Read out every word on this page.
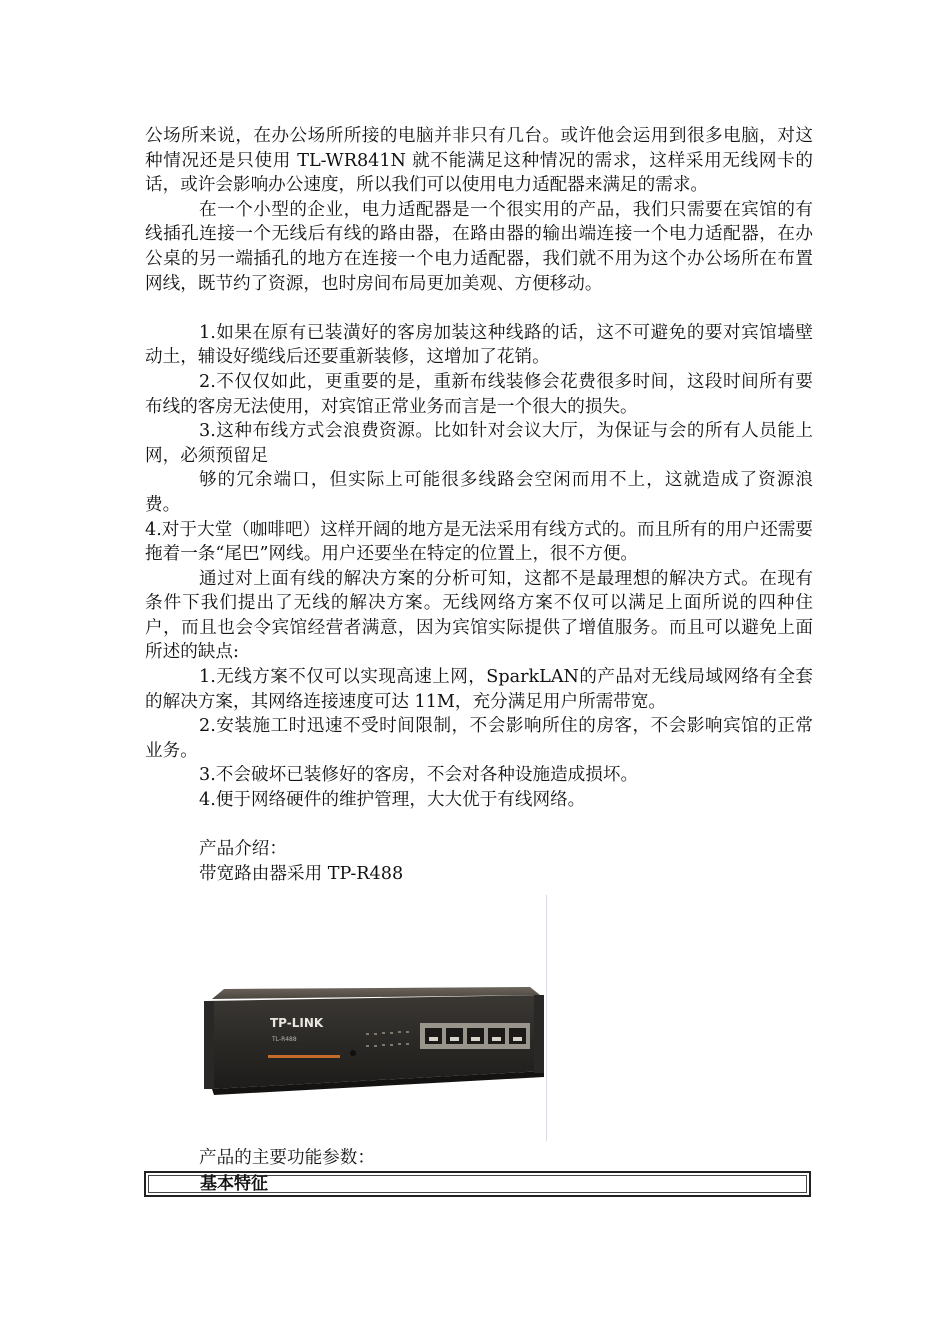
公场所来说，在办公场所所接的电脑并非只有几台。或许他会运用到很多电脑，对这种情况还是只使用 TL-WR841N 就不能满足这种情况的需求，这样采用无线网卡的话，或许会影响办公速度，所以我们可以使用电力适配器来满足的需求。

在一个小型的企业，电力适配器是一个很实用的产品，我们只需要在宾馆的有线插孔连接一个无线后有线的路由器，在路由器的输出端连接一个电力适配器，在办公桌的另一端插孔的地方在连接一个电力适配器，我们就不用为这个办公场所在布置网线，既节约了资源，也时房间布局更加美观、方便移动。

1.如果在原有已装潢好的客房加装这种线路的话，这不可避免的要对宾馆墙壁动土，辅设好缆线后还要重新装修，这增加了花销。

2.不仅仅如此，更重要的是，重新布线装修会花费很多时间，这段时间所有要布线的客房无法使用，对宾馆正常业务而言是一个很大的损失。

3.这种布线方式会浪费资源。比如针对会议大厅，为保证与会的所有人员能上网，必须预留足

够的冗余端口，但实际上可能很多线路会空闲而用不上，这就造成了资源浪费。

4.对于大堂（咖啡吧）这样开阔的地方是无法采用有线方式的。而且所有的用户还需要拖着一条“尾巴”网线。用户还要坐在特定的位置上，很不方便。

通过对上面有线的解决方案的分析可知，这都不是最理想的解决方式。在现有条件下我们提出了无线的解决方案。无线网络方案不仅可以满足上面所说的四种住户，而且也会令宾馆经营者满意，因为宾馆实际提供了增值服务。而且可以避免上面所述的缺点:

1.无线方案不仅可以实现高速上网，SparkLAN的产品对无线局域网络有全套的解决方案，其网络连接速度可达 11M，充分满足用户所需带宽。

2.安装施工时迅速不受时间限制，不会影响所住的房客，不会影响宾馆的正常业务。

3.不会破坏已装修好的客房，不会对各种设施造成损坏。

4.便于网络硬件的维护管理，大大优于有线网络。

产品介绍：
带宽路由器采用 TP-R488
TP-LINK
TL-R488
产品的主要功能参数：
基本特征
